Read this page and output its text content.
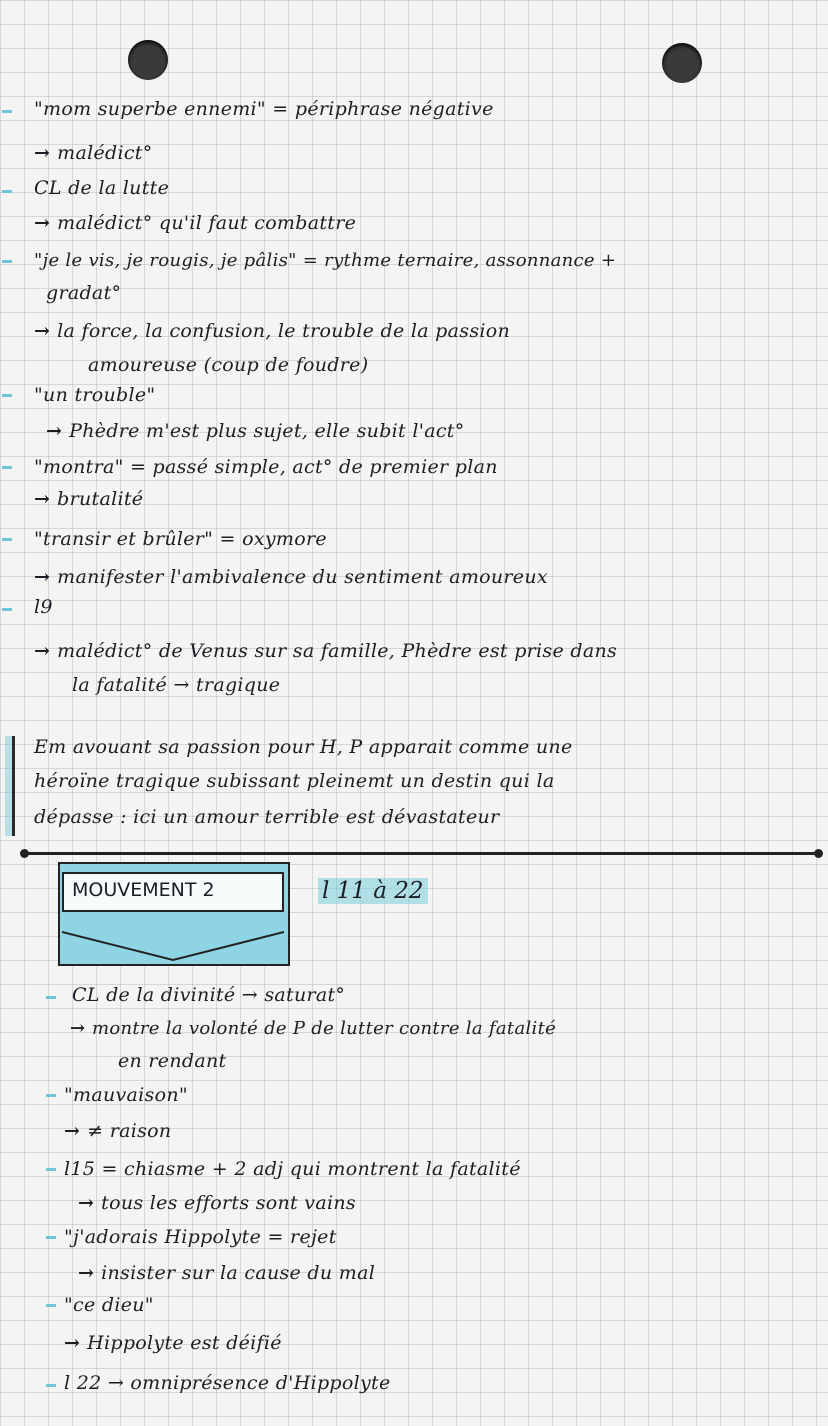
"mom superbe ennemi" = périphrase négative
→ malédict°
CL de la lutte
→ malédict° qu'il faut combattre
"je le vis, je rougis, je pâlis" = rythme ternaire, assonnance +
gradat°
→ la force, la confusion, le trouble de la passion
amoureuse (coup de foudre)
"un trouble"
→ Phèdre m'est plus sujet, elle subit l'act°
"montra" = passé simple, act° de premier plan
→ brutalité
"transir et brûler" = oxymore
→ manifester l'ambivalence du sentiment amoureux
l9
→ malédict° de Venus sur sa famille, Phèdre est prise dans
la fatalité → tragique
Em avouant sa passion pour H, P apparait comme une
héroïne tragique subissant pleinemt un destin qui la
dépasse : ici un amour terrible est dévastateur
MOUVEMENT 2	l 11 à 22
CL de la divinité → saturat°
→ montre la volonté de P de lutter contre la fatalité
en rendant
"mauvaison"
→ ≠ raison
l15 = chiasme + 2 adj qui montrent la fatalité
→ tous les efforts sont vains
"j'adorais Hippolyte = rejet
→ insister sur la cause du mal
"ce dieu"
→ Hippolyte est déifié
l 22 → omniprésence d'Hippolyte
